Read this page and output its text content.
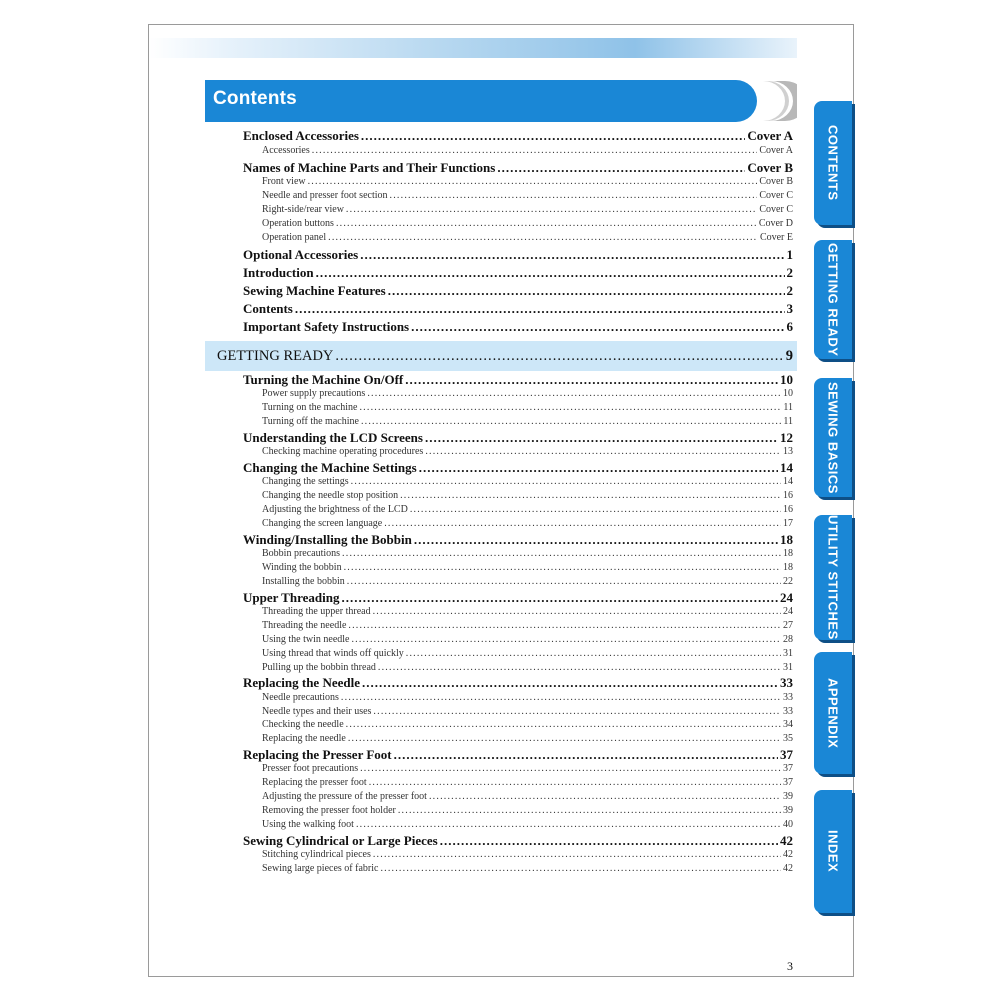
Contents
Enclosed Accessories .....	Cover A
Accessories .....	Cover A
Names of Machine Parts and Their Functions .....	Cover B
Front view .....	Cover B
Needle and presser foot section .....	Cover C
Right-side/rear view .....	Cover C
Operation buttons .....	Cover D
Operation panel .....	Cover E
Optional Accessories .....	1
Introduction .....	2
Sewing Machine Features .....	2
Contents .....	3
Important Safety Instructions .....	6
GETTING READY .....	9
Turning the Machine On/Off .....	10
Power supply precautions .....	10
Turning on the machine .....	11
Turning off the machine .....	11
Understanding the LCD Screens .....	12
Checking machine operating procedures .....	13
Changing the Machine Settings .....	14
Changing the settings .....	14
Changing the needle stop position .....	16
Adjusting the brightness of the LCD .....	16
Changing the screen language .....	17
Winding/Installing the Bobbin .....	18
Bobbin precautions .....	18
Winding the bobbin .....	18
Installing the bobbin .....	22
Upper Threading .....	24
Threading the upper thread .....	24
Threading the needle .....	27
Using the twin needle .....	28
Using thread that winds off quickly .....	31
Pulling up the bobbin thread .....	31
Replacing the Needle .....	33
Needle precautions .....	33
Needle types and their uses .....	33
Checking the needle .....	34
Replacing the needle .....	35
Replacing the Presser Foot .....	37
Presser foot precautions .....	37
Replacing the presser foot .....	37
Adjusting the pressure of the presser foot .....	39
Removing the presser foot holder .....	39
Using the walking foot .....	40
Sewing Cylindrical or Large Pieces .....	42
Stitching cylindrical pieces .....	42
Sewing large pieces of fabric .....	42
3
CONTENTS
GETTING READY
SEWING BASICS
UTILITY STITCHES
APPENDIX
INDEX
